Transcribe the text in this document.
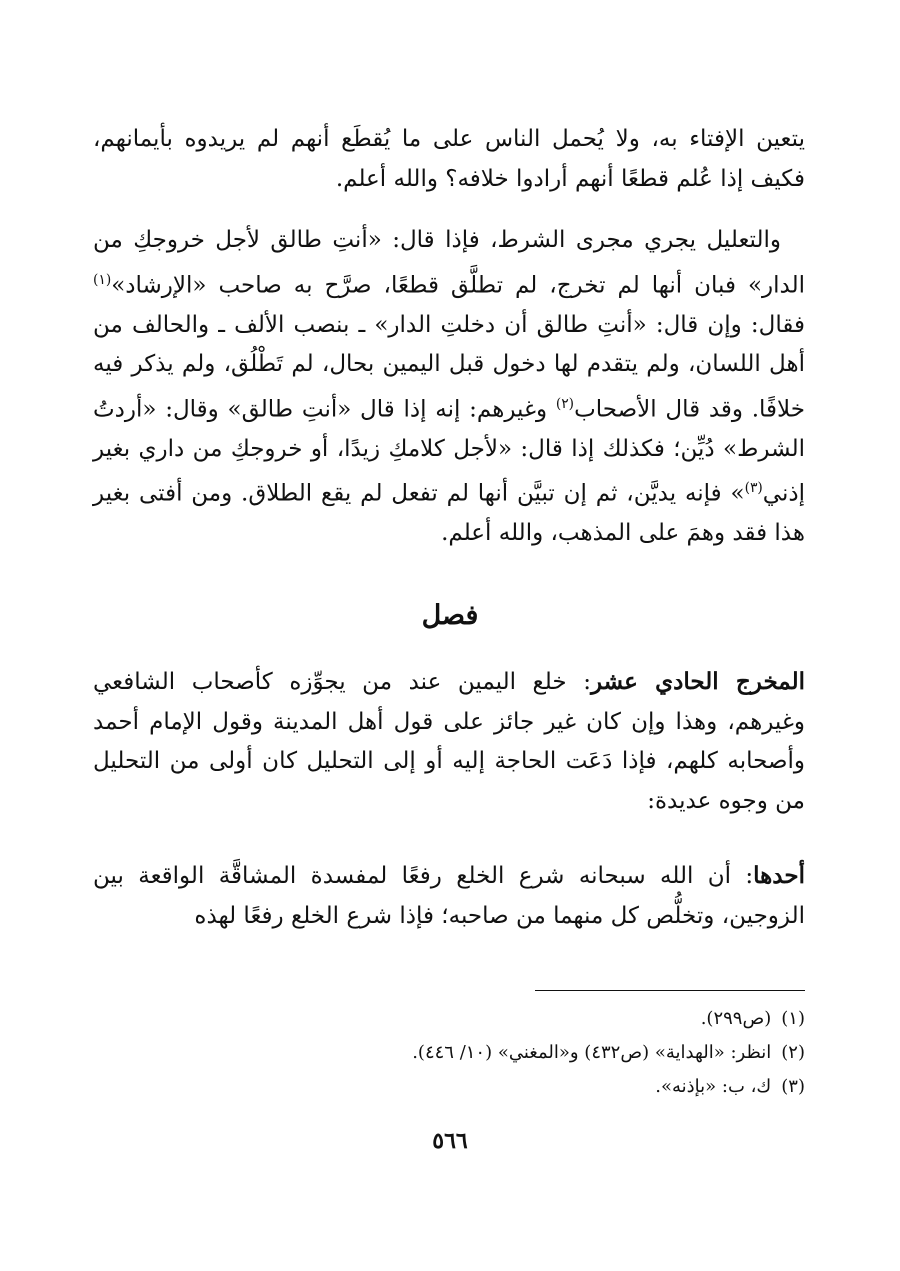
يتعين الإفتاء به، ولا يُحمل الناس على ما يُقطَع أنهم لم يريدوه بأيمانهم، فكيف إذا عُلم قطعًا أنهم أرادوا خلافه؟ والله أعلم.

والتعليل يجري مجرى الشرط، فإذا قال: «أنتِ طالق لأجل خروجكِ من الدار» فبان أنها لم تخرج، لم تطلَّق قطعًا، صرَّح به صاحب «الإرشاد»$^{(١)}$ فقال: وإن قال: «أنتِ طالق أن دخلتِ الدار» ـ بنصب الألف ـ والحالف من أهل اللسان، ولم يتقدم لها دخول قبل اليمين بحال، لم تَطْلُق، ولم يذكر فيه خلافًا. وقد قال الأصحاب$^{(٢)}$ وغيرهم: إنه إذا قال «أنتِ طالق» وقال: «أردتُ الشرط» دُيِّن؛ فكذلك إذا قال: «لأجل كلامكِ زيدًا، أو خروجكِ من داري بغير إذني$^{(٣)}$» فإنه يديَّن، ثم إن تبيَّن أنها لم تفعل لم يقع الطلاق. ومن أفتى بغير هذا فقد وهمَ على المذهب، والله أعلم.

فصل

المخرج الحادي عشر: خلع اليمين عند من يجوِّزه كأصحاب الشافعي وغيرهم، وهذا وإن كان غير جائز على قول أهل المدينة وقول الإمام أحمد وأصحابه كلهم، فإذا دَعَت الحاجة إليه أو إلى التحليل كان أولى من التحليل من وجوه عديدة:

أحدها: أن الله سبحانه شرع الخلع رفعًا لمفسدة المشاقَّة الواقعة بين الزوجين، وتخلُّص كل منهما من صاحبه؛ فإذا شرع الخلع رفعًا لهذه

(١)(ص٢٩٩).

(٢)انظر: «الهداية» (ص٤٣٢) و«المغني» (١٠/ ٤٤٦).

(٣)ك، ب: «بإذنه».

٥٦٦
